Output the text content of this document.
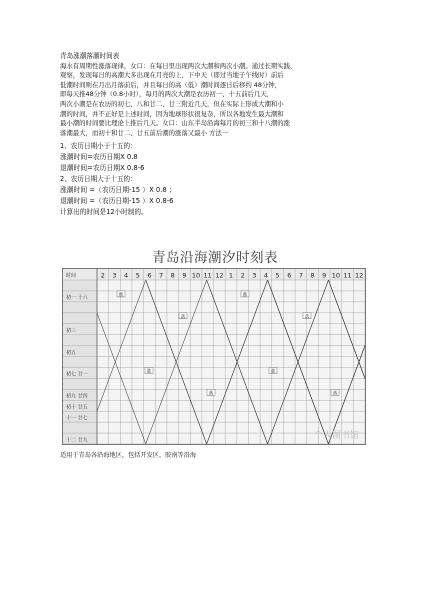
青岛涨潮落潮时间表
海水有周期性涨落现律，女口：在每日里出现两次大潮和两次小潮。通过长期实践，
观察，发现每日的高潮大多出现在月亮的上、下中天（即过当地子午线时）前后
低潮时间则在月出月落前后，并且每日的高（低）潮时间逐日后移约 48分钟，
即每天推48分钟（0.8小时），每月的两次大潮是农历初一、十五前后几天，
两次小潮是在农历的初七、八和廿二、廿三附近几天，但在实际上形成大潮和小
潮的时间，并不正好是上述时间，因为地球形状很复杂，所以各地发生最大潮和
最小潮的时间要比理论上推后几天。女口：山东半岛沿海每月的初三和十八潮的涨
落潮最大，而初十和廿二、廿五前后潮的涨落又最小 方法一
1、农历日期小于十五的：
涨潮时间=农历日期X 0.8
退潮时间=农历日期X 0.8-6
2、农历日期大于十五的：
涨潮时间 =（农历日期-15 ）X 0.8 ；
退潮时间 =（农历日期-15 ）X 0.8-6
计算出的时间是12小时制的。
青岛沿海潮汐时刻表
时间	2 3 4 5 6 7 8 9 10 11 12 1 2 3 4 5 6 7 8 9 10 11 12
初一 十六
初三
初五
初七 廿一
初九 廿四
初十 廿五
十一 廿七
十二 廿九
涨
落
涨
落
涨
落
涨
落
个人图书馆
适用于青岛各沿海地区，包括开发区，胶南等沿海
